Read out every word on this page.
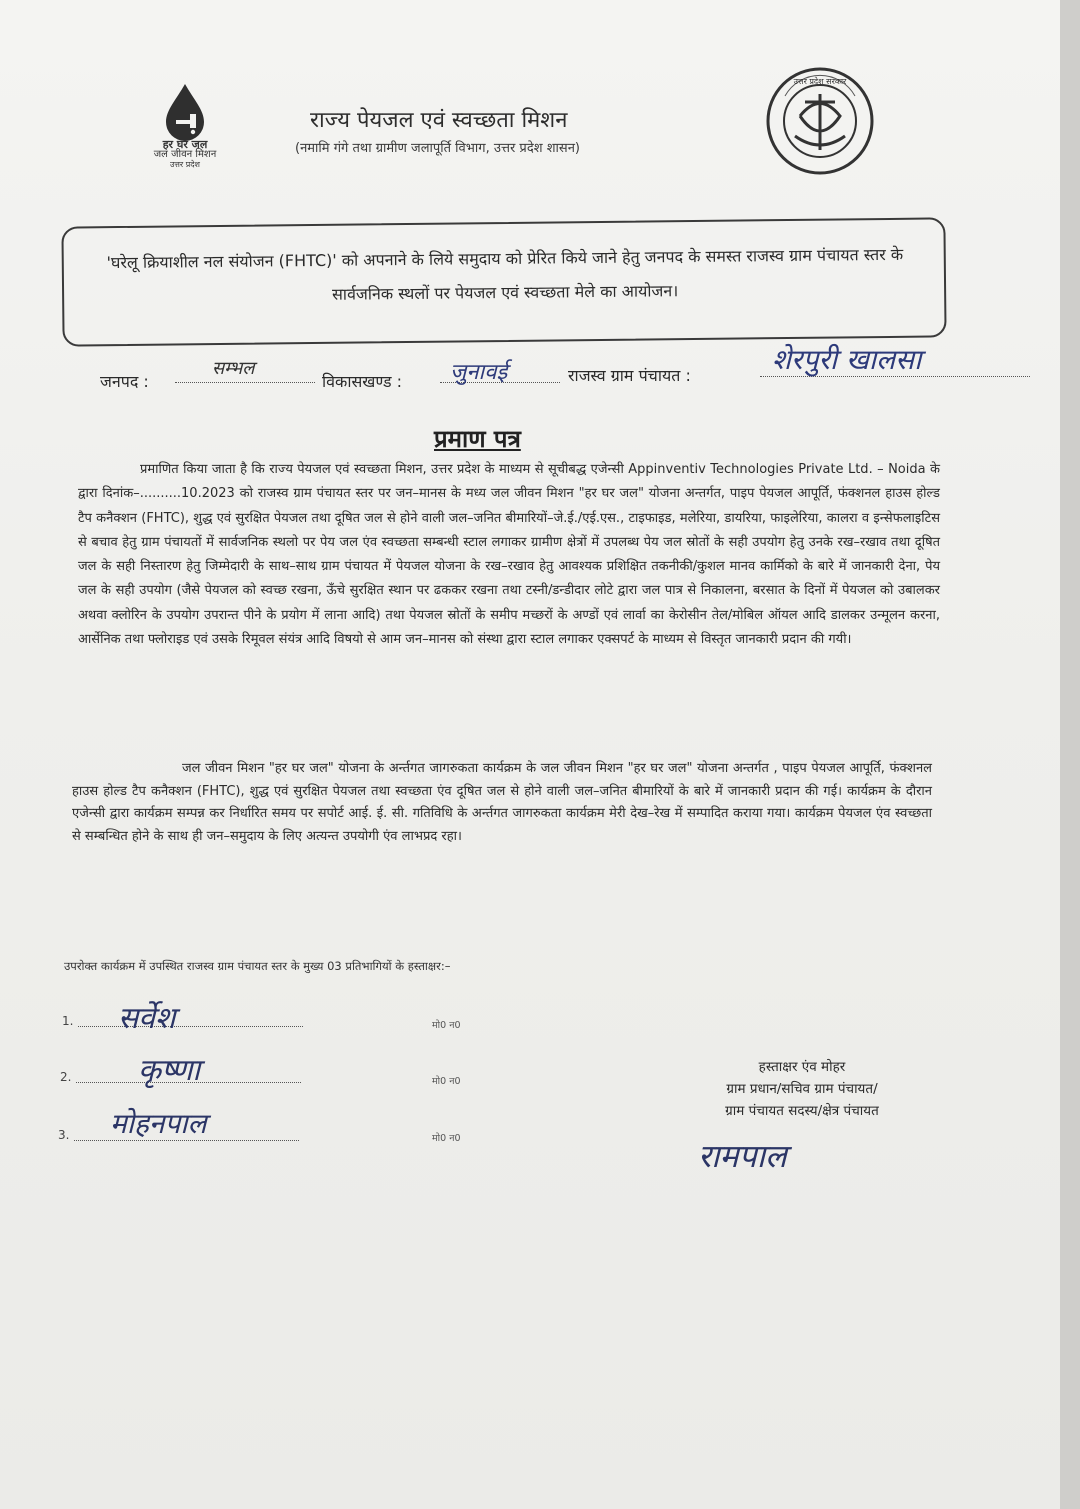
हर घर जल
जल जीवन मिशन
उत्तर प्रदेश
राज्य पेयजल एवं स्वच्छता मिशन
(नमामि गंगे तथा ग्रामीण जलापूर्ति विभाग, उत्तर प्रदेश शासन)
उत्तर प्रदेश सरकार
'घरेलू क्रियाशील नल संयोजन (FHTC)' को अपनाने के लिये समुदाय को प्रेरित किये जाने हेतु जनपद के समस्त राजस्व ग्राम पंचायत स्तर के सार्वजनिक स्थलों पर पेयजल एवं स्वच्छता मेले का आयोजन।
जनपद :
सम्भल
विकासखण्ड : जुनावई	राजस्व ग्राम पंचायत :	शेरपुरी खालसा
प्रमाण पत्र
प्रमाणित किया जाता है कि राज्य पेयजल एवं स्वच्छता मिशन, उत्तर प्रदेश के माध्यम से सूचीबद्ध एजेन्सी Appinventiv Technologies Private Ltd. – Noida के द्वारा दिनांक–..........10.2023 को राजस्व ग्राम पंचायत स्तर पर जन–मानस के मध्य जल जीवन मिशन "हर घर जल" योजना अन्तर्गत, पाइप पेयजल आपूर्ति, फंक्शनल हाउस होल्ड टैप कनैक्शन (FHTC), शुद्ध एवं सुरक्षित पेयजल तथा दूषित जल से होने वाली जल–जनित बीमारियों–जे.ई./एई.एस., टाइफाइड, मलेरिया, डायरिया, फाइलेरिया, कालरा व इन्सेफलाइटिस से बचाव हेतु ग्राम पंचायतों में सार्वजनिक स्थलो पर पेय जल एंव स्वच्छता सम्बन्धी स्टाल लगाकर ग्रामीण क्षेत्रों में उपलब्ध पेय जल स्रोतों के सही उपयोग हेतु उनके रख–रखाव तथा दूषित जल के सही निस्तारण हेतु जिम्मेदारी के साथ–साथ ग्राम पंचायत में पेयजल योजना के रख–रखाव हेतु आवश्यक प्रशिक्षित तकनीकी/कुशल मानव कार्मिको के बारे में जानकारी देना, पेय जल के सही उपयोग (जैसे पेयजल को स्वच्छ रखना, ऊँचे सुरक्षित स्थान पर ढककर रखना तथा टस्नी/डन्डीदार लोटे द्वारा जल पात्र से निकालना, बरसात के दिनों में पेयजल को उबालकर अथवा क्लोरिन के उपयोग उपरान्त पीने के प्रयोग में लाना आदि) तथा पेयजल स्रोतों के समीप मच्छरों के अण्डों एवं लार्वा का केरोसीन तेल/मोबिल ऑयल आदि डालकर उन्मूलन करना, आर्सेनिक तथा फ्लोराइड एवं उसके रिमूवल संयंत्र आदि विषयो से आम जन–मानस को संस्था द्वारा स्टाल लगाकर एक्सपर्ट के माध्यम से विस्तृत जानकारी प्रदान की गयी।
जल जीवन मिशन "हर घर जल" योजना के अर्न्तगत जागरुकता कार्यक्रम के जल जीवन मिशन "हर घर जल" योजना अन्तर्गत , पाइप पेयजल आपूर्ति, फंक्शनल हाउस होल्ड टैप कनैक्शन (FHTC), शुद्ध एवं सुरक्षित पेयजल तथा स्वच्छता एंव दूषित जल से होने वाली जल–जनित बीमारियों के बारे में जानकारी प्रदान की गई। कार्यक्रम के दौरान एजेन्सी द्वारा कार्यक्रम सम्पन्न कर निर्धारित समय पर सपोर्ट आई. ई. सी. गतिविधि के अर्न्तगत जागरुकता कार्यक्रम मेरी देख–रेख में सम्पादित कराया गया। कार्यक्रम पेयजल एंव स्वच्छता से सम्बन्धित होने के साथ ही जन–समुदाय के लिए अत्यन्त उपयोगी एंव लाभप्रद रहा।
उपरोक्त कार्यक्रम में उपस्थित राजस्व ग्राम पंचायत स्तर के मुख्य 03 प्रतिभागियों के हस्ताक्षर:–
1. सर्वेश	मो0 न0
2. कृष्णा	मो0 न0
3. मोहनपाल	मो0 न0
हस्ताक्षर एंव मोहर
ग्राम प्रधान/सचिव ग्राम पंचायत/
ग्राम पंचायत सदस्य/क्षेत्र पंचायत
रामपाल
